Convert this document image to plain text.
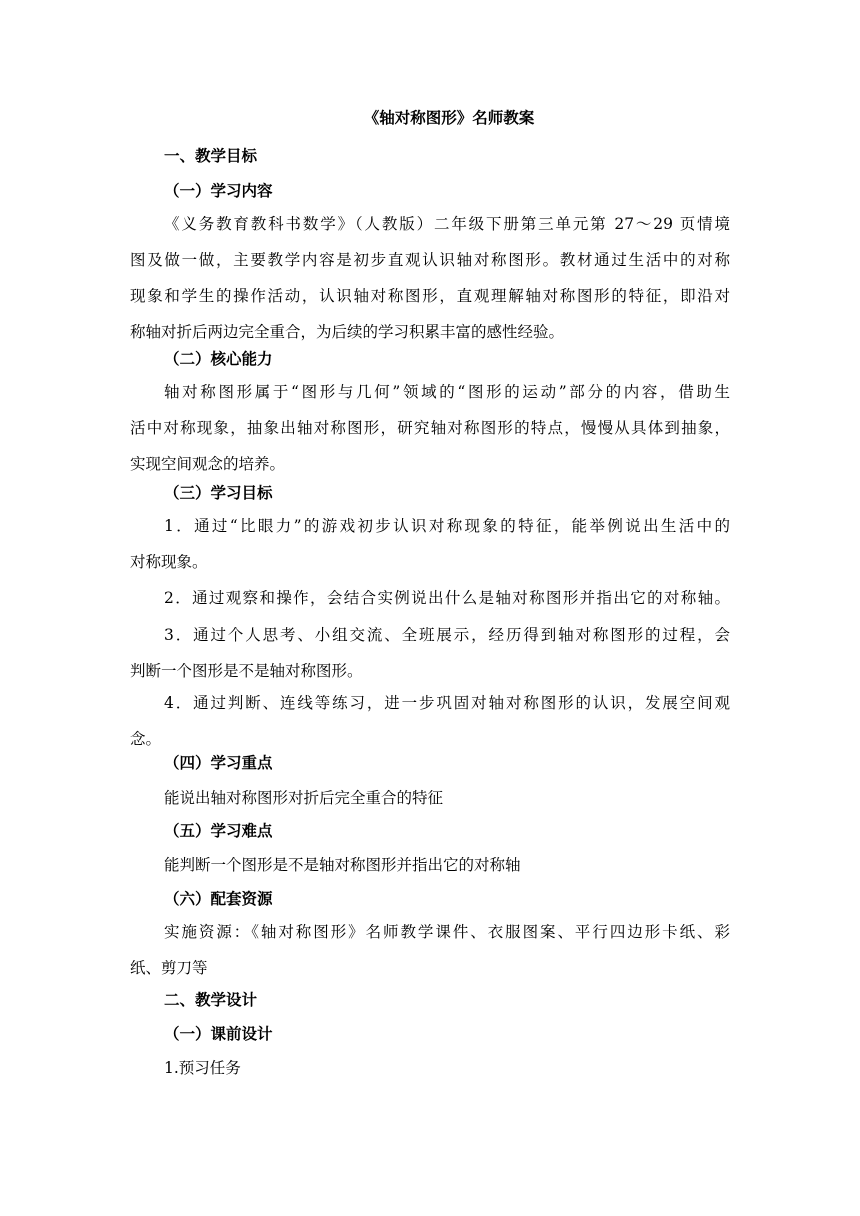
《轴对称图形》名师教案
一、教学目标
（一）学习内容
《义务教育教科书数学》（人教版）二年级下册第三单元第 27～29 页情境
图及做一做，主要教学内容是初步直观认识轴对称图形。教材通过生活中的对称
现象和学生的操作活动，认识轴对称图形，直观理解轴对称图形的特征，即沿对
称轴对折后两边完全重合，为后续的学习积累丰富的感性经验。
（二）核心能力
轴对称图形属于“图形与几何”领域的“图形的运动”部分的内容，借助生
活中对称现象，抽象出轴对称图形，研究轴对称图形的特点，慢慢从具体到抽象，
实现空间观念的培养。
（三）学习目标
1．通过“比眼力”的游戏初步认识对称现象的特征，能举例说出生活中的
对称现象。
2．通过观察和操作，会结合实例说出什么是轴对称图形并指出它的对称轴。
3．通过个人思考、小组交流、全班展示，经历得到轴对称图形的过程，会
判断一个图形是不是轴对称图形。
4．通过判断、连线等练习，进一步巩固对轴对称图形的认识，发展空间观
念。
（四）学习重点
能说出轴对称图形对折后完全重合的特征
（五）学习难点
能判断一个图形是不是轴对称图形并指出它的对称轴
（六）配套资源
实施资源：《轴对称图形》名师教学课件、衣服图案、平行四边形卡纸、彩
纸、剪刀等
二、教学设计
（一）课前设计
1.预习任务
